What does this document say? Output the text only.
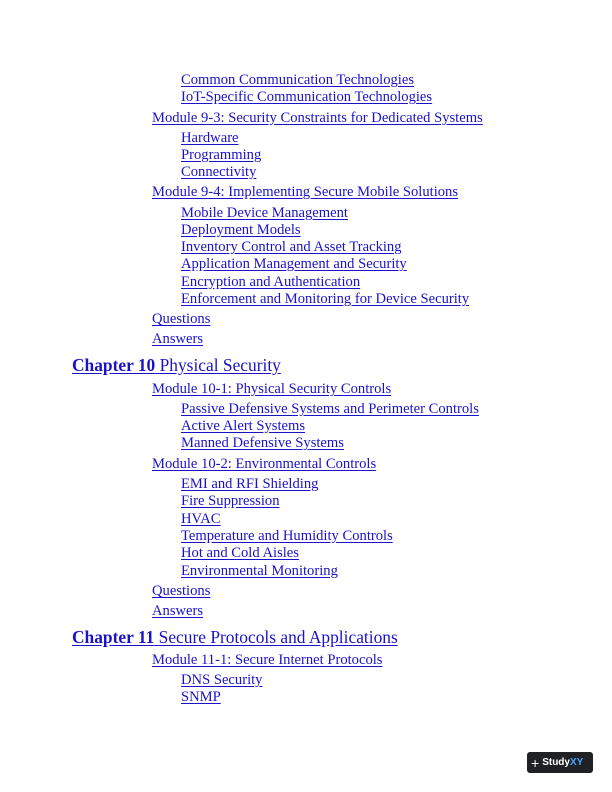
Common Communication Technologies
IoT-Specific Communication Technologies
Module 9-3: Security Constraints for Dedicated Systems
Hardware
Programming
Connectivity
Module 9-4: Implementing Secure Mobile Solutions
Mobile Device Management
Deployment Models
Inventory Control and Asset Tracking
Application Management and Security
Encryption and Authentication
Enforcement and Monitoring for Device Security
Questions
Answers
Chapter 10 Physical Security
Module 10-1: Physical Security Controls
Passive Defensive Systems and Perimeter Controls
Active Alert Systems
Manned Defensive Systems
Module 10-2: Environmental Controls
EMI and RFI Shielding
Fire Suppression
HVAC
Temperature and Humidity Controls
Hot and Cold Aisles
Environmental Monitoring
Questions
Answers
Chapter 11 Secure Protocols and Applications
Module 11-1: Secure Internet Protocols
DNS Security
SNMP
+ Study XY
